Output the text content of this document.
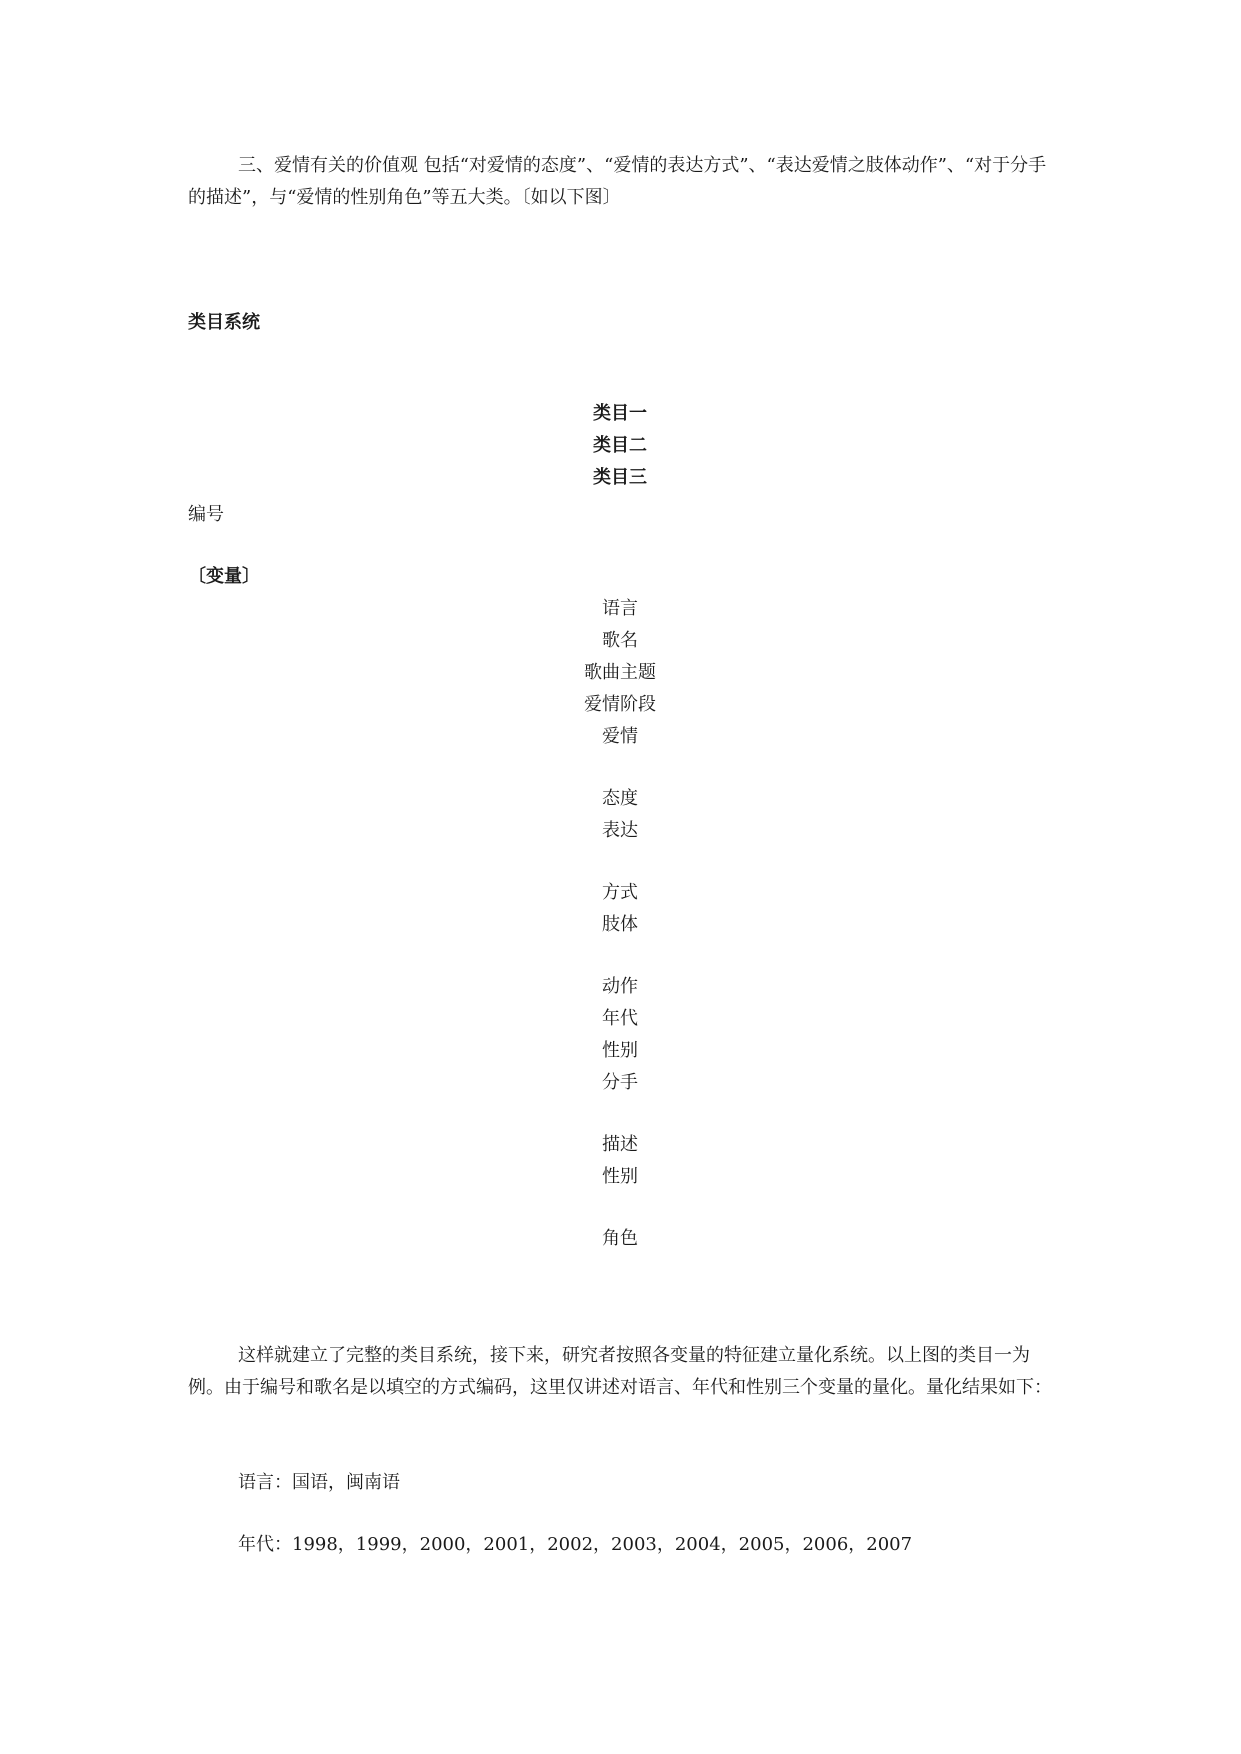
三、爱情有关的价值观 包括“对爱情的态度”、“爱情的表达方式”、“表达爱情之肢体动作”、“对于分手的描述”，与“爱情的性别角色”等五大类。〔如以下图〕

类目系统

类目一

类目二

类目三

编号

〔变量〕

语言

歌名

歌曲主题

爱情阶段

爱情

态度

表达

方式

肢体

动作

年代

性别

分手

描述

性别

角色

这样就建立了完整的类目系统，接下来，研究者按照各变量的特征建立量化系统。以上图的类目一为例。由于编号和歌名是以填空的方式编码，这里仅讲述对语言、年代和性别三个变量的量化。量化结果如下：

语言：国语，闽南语

年代：1998，1999，2000，2001，2002，2003，2004，2005，2006，2007
